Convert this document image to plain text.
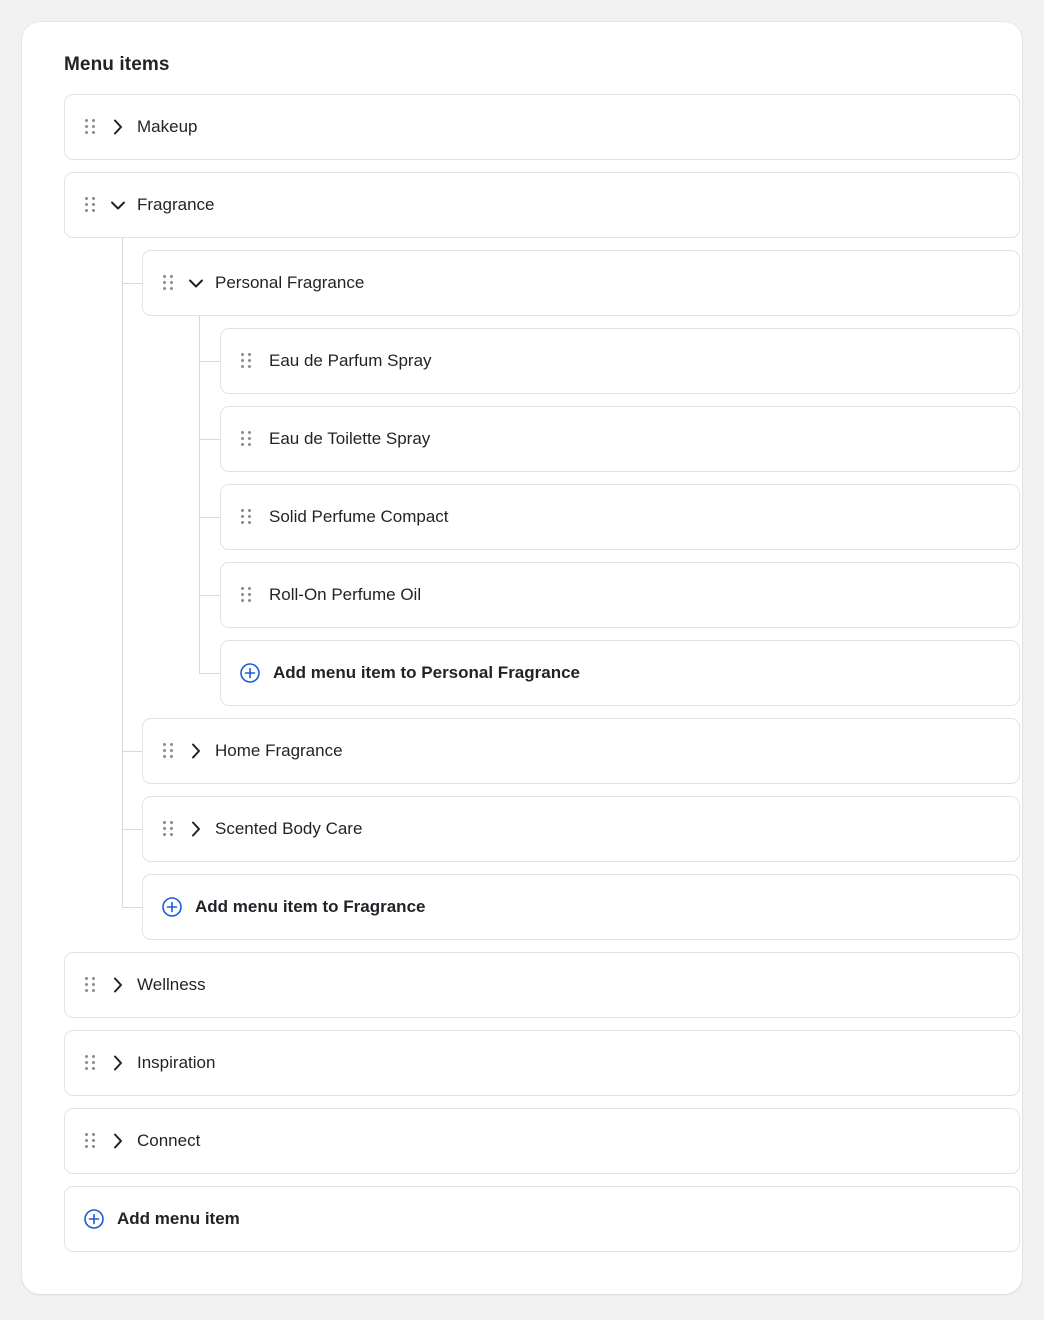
Menu items
Makeup
Fragrance
Personal Fragrance
Eau de Parfum Spray
Eau de Toilette Spray
Solid Perfume Compact
Roll-On Perfume Oil
Add menu item to Personal Fragrance
Home Fragrance
Scented Body Care
Add menu item to Fragrance
Wellness
Inspiration
Connect
Add menu item
